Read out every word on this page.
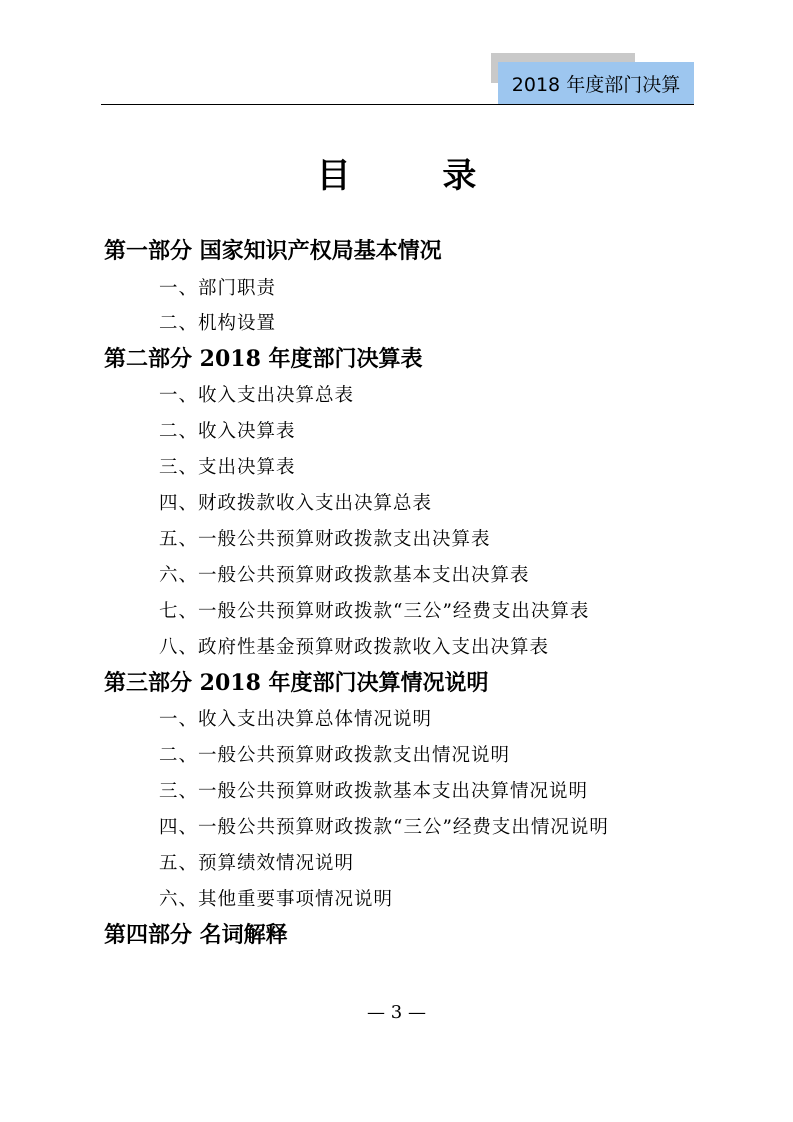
2018 年度部门决算
目 录
第一部分 国家知识产权局基本情况
一、部门职责
二、机构设置
第二部分 2018 年度部门决算表
一、收入支出决算总表
二、收入决算表
三、支出决算表
四、财政拨款收入支出决算总表
五、一般公共预算财政拨款支出决算表
六、一般公共预算财政拨款基本支出决算表
七、一般公共预算财政拨款“三公”经费支出决算表
八、政府性基金预算财政拨款收入支出决算表
第三部分 2018 年度部门决算情况说明
一、收入支出决算总体情况说明
二、一般公共预算财政拨款支出情况说明
三、一般公共预算财政拨款基本支出决算情况说明
四、一般公共预算财政拨款“三公”经费支出情况说明
五、预算绩效情况说明
六、其他重要事项情况说明
第四部分 名词解释
— 3 —
